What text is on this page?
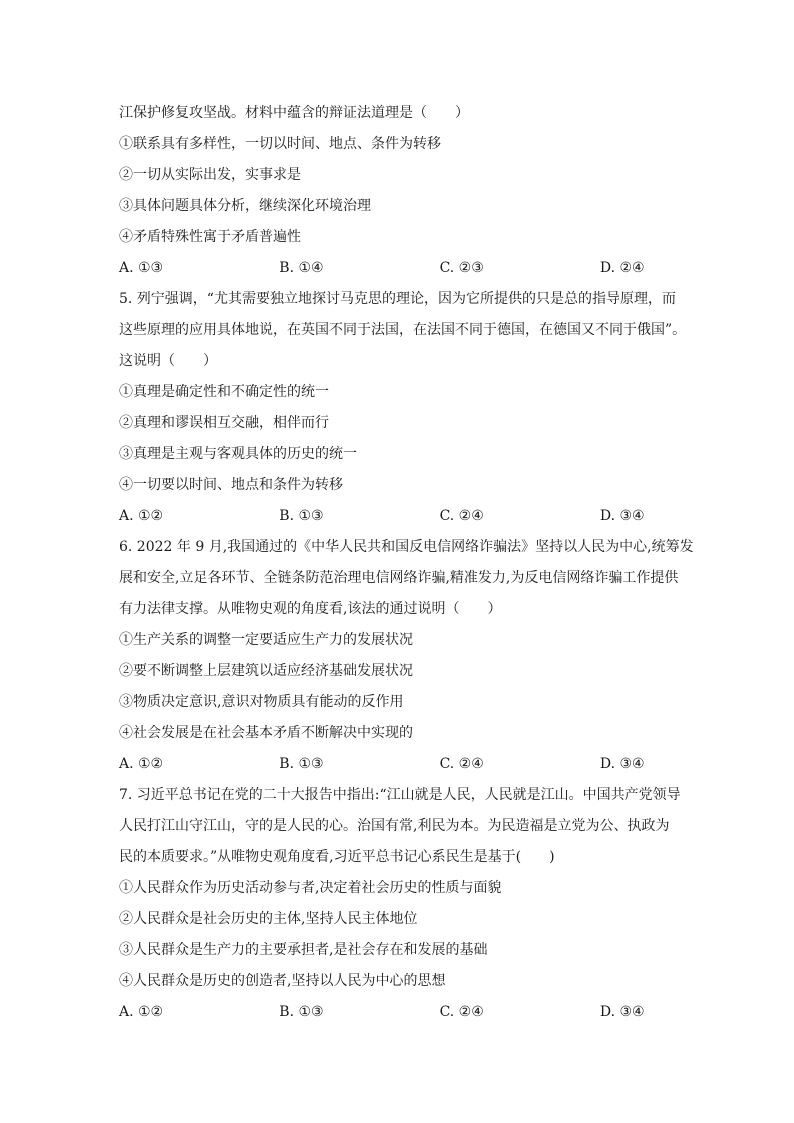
江保护修复攻坚战。材料中蕴含的辩证法道理是（　　）
①联系具有多样性，一切以时间、地点、条件为转移
②一切从实际出发，实事求是
③具体问题具体分析，继续深化环境治理
④矛盾特殊性寓于矛盾普遍性
A. ①③	B. ①④	C. ②③	D. ②④
5. 列宁强调，“尤其需要独立地探讨马克思的理论，因为它所提供的只是总的指导原理，而
这些原理的应用具体地说，在英国不同于法国，在法国不同于德国，在德国又不同于俄国”。
这说明（　　）
①真理是确定性和不确定性的统一
②真理和谬误相互交融，相伴而行
③真理是主观与客观具体的历史的统一
④一切要以时间、地点和条件为转移
A. ①②	B. ①③	C. ②④	D. ③④
6. 2022 年 9 月,我国通过的《中华人民共和国反电信网络诈骗法》坚持以人民为中心,统筹发
展和安全,立足各环节、全链条防范治理电信网络诈骗,精准发力,为反电信网络诈骗工作提供
有力法律支撑。从唯物史观的角度看,该法的通过说明（　　）
①生产关系的调整一定要适应生产力的发展状况
②要不断调整上层建筑以适应经济基础发展状况
③物质决定意识,意识对物质具有能动的反作用
④社会发展是在社会基本矛盾不断解决中实现的
A. ①②	B. ①③	C. ②④	D. ③④
7. 习近平总书记在党的二十大报告中指出:“江山就是人民，人民就是江山。中国共产党领导
人民打江山守江山，守的是人民的心。治国有常,利民为本。为民造福是立党为公、执政为
民的本质要求。”从唯物史观角度看,习近平总书记心系民生是基于(　　)
①人民群众作为历史活动参与者,决定着社会历史的性质与面貌
②人民群众是社会历史的主体,坚持人民主体地位
③人民群众是生产力的主要承担者,是社会存在和发展的基础
④人民群众是历史的创造者,坚持以人民为中心的思想
A. ①②	B. ①③	C. ②④	D. ③④
